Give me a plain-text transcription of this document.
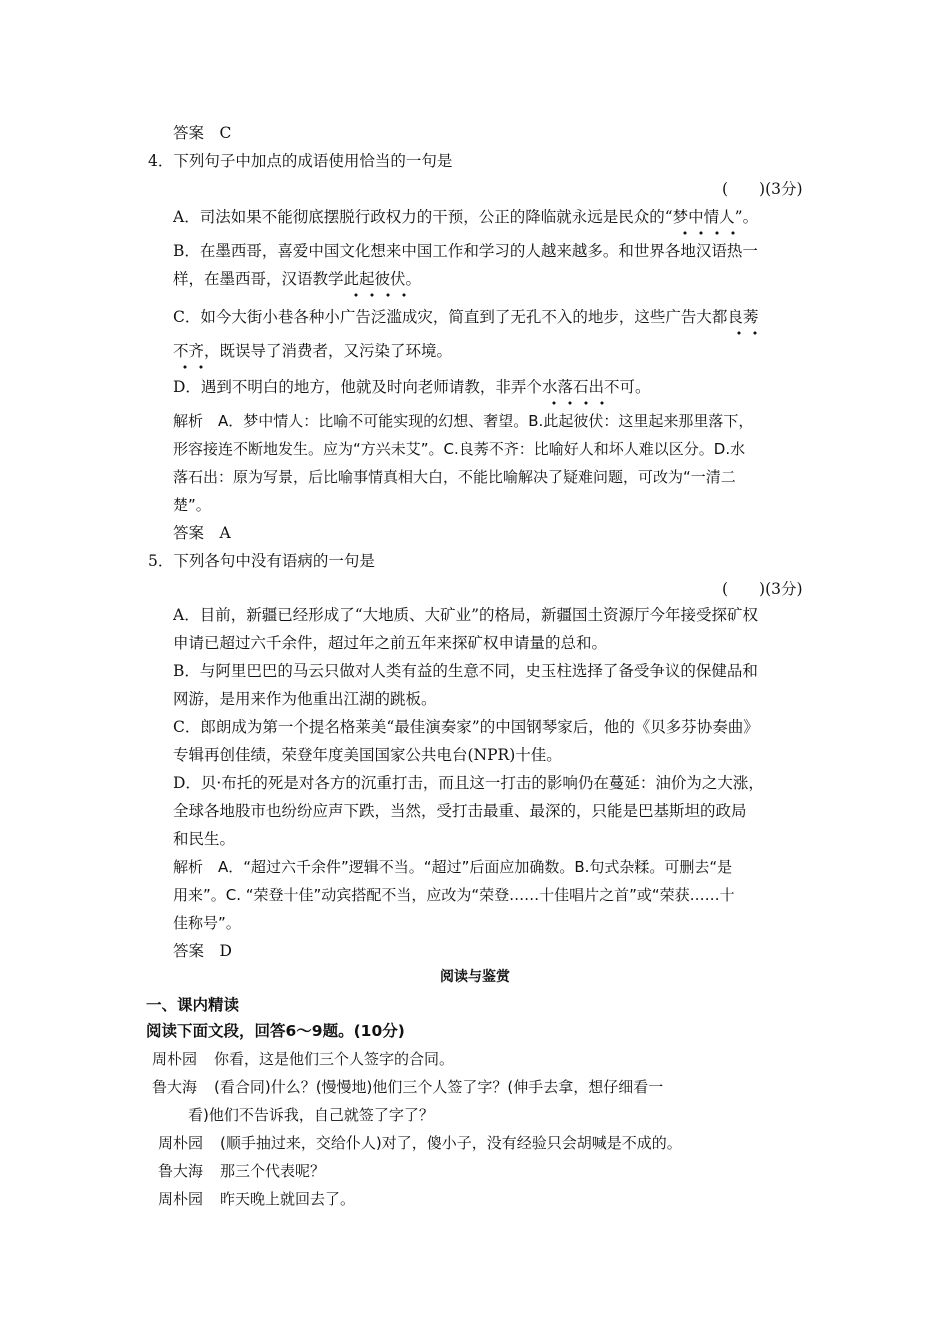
答案　C
4．下列句子中加点的成语使用恰当的一句是
(　　)(3分)
A．司法如果不能彻底摆脱行政权力的干预，公正的降临就永远是民众的“梦中情人”。
B．在墨西哥，喜爱中国文化想来中国工作和学习的人越来越多。和世界各地汉语热一
样，在墨西哥，汉语教学此起彼伏。
C．如今大街小巷各种小广告泛滥成灾，简直到了无孔不入的地步，这些广告大都良莠
不齐，既误导了消费者，又污染了环境。
D．遇到不明白的地方，他就及时向老师请教，非弄个水落石出不可。
解析　A．梦中情人：比喻不可能实现的幻想、奢望。B.此起彼伏：这里起来那里落下，
形容接连不断地发生。应为“方兴未艾”。C.良莠不齐：比喻好人和坏人难以区分。D.水
落石出：原为写景，后比喻事情真相大白，不能比喻解决了疑难问题，可改为“一清二
楚”。
答案　A
5．下列各句中没有语病的一句是
(　　)(3分)
A．目前，新疆已经形成了“大地质、大矿业”的格局，新疆国土资源厅今年接受探矿权
申请已超过六千余件，超过年之前五年来探矿权申请量的总和。
B．与阿里巴巴的马云只做对人类有益的生意不同，史玉柱选择了备受争议的保健品和
网游，是用来作为他重出江湖的跳板。
C．郎朗成为第一个提名格莱美“最佳演奏家”的中国钢琴家后，他的《贝多芬协奏曲》
专辑再创佳绩，荣登年度美国国家公共电台(NPR)十佳。
D．贝·布托的死是对各方的沉重打击，而且这一打击的影响仍在蔓延：油价为之大涨，
全球各地股市也纷纷应声下跌，当然，受打击最重、最深的，只能是巴基斯坦的政局
和民生。
解析　A．“超过六千余件”逻辑不当。“超过”后面应加确数。B.句式杂糅。可删去“是
用来”。C. “荣登十佳”动宾搭配不当，应改为“荣登……十佳唱片之首”或“荣获……十
佳称号”。
答案　D
阅读与鉴赏
一、课内精读
阅读下面文段，回答6～9题。(10分)
周朴园 你看，这是他们三个人签字的合同。
鲁大海 (看合同)什么？(慢慢地)他们三个人签了字？(伸手去拿，想仔细看一
看)他们不告诉我，自己就签了字了？
周朴园 (顺手抽过来，交给仆人)对了，傻小子，没有经验只会胡喊是不成的。
鲁大海 那三个代表呢？
周朴园 昨天晚上就回去了。
